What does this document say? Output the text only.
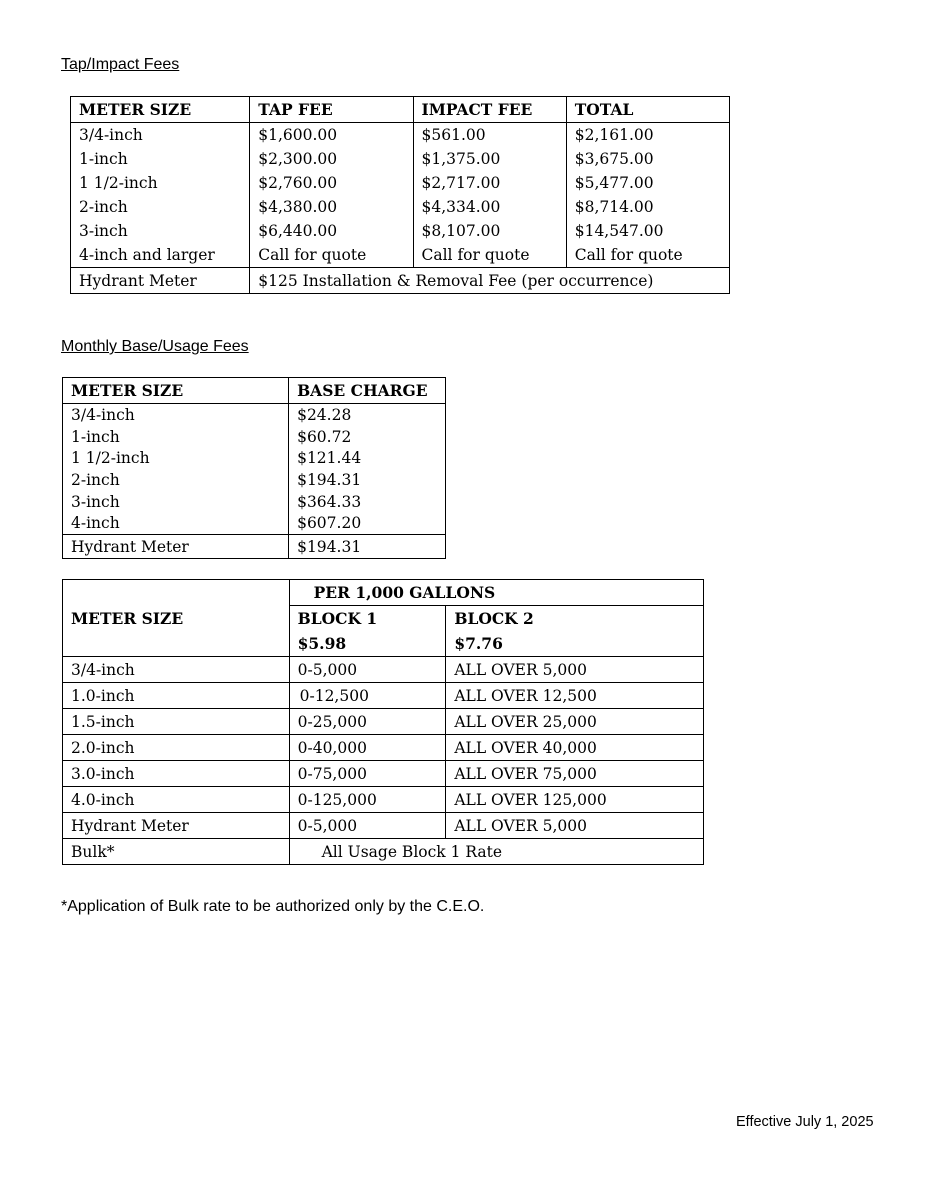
Tap/Impact Fees
METER SIZE	TAP FEE	IMPACT FEE	TOTAL
3/4-inch	$1,600.00	$561.00	$2,161.00
1-inch	$2,300.00	$1,375.00	$3,675.00
1 1/2-inch	$2,760.00	$2,717.00	$5,477.00
2-inch	$4,380.00	$4,334.00	$8,714.00
3-inch	$6,440.00	$8,107.00	$14,547.00
4-inch and larger	Call for quote	Call for quote	Call for quote
Hydrant Meter	$125 Installation & Removal Fee (per occurrence)		
Monthly Base/Usage Fees
METER SIZE	BASE CHARGE
3/4-inch	$24.28
1-inch	$60.72
1 1/2-inch	$121.44
2-inch	$194.31
3-inch	$364.33
4-inch	$607.20
Hydrant Meter	$194.31
METER SIZE	PER 1,000 GALLONS	
	BLOCK 1	BLOCK 2
	$5.98	$7.76
3/4-inch	0-5,000	ALL OVER 5,000
1.0-inch	0-12,500	ALL OVER 12,500
1.5-inch	0-25,000	ALL OVER 25,000
2.0-inch	0-40,000	ALL OVER 40,000
3.0-inch	0-75,000	ALL OVER 75,000
4.0-inch	0-125,000	ALL OVER 125,000
Hydrant Meter	0-5,000	ALL OVER 5,000
Bulk*	All Usage Block 1 Rate	
*Application of Bulk rate to be authorized only by the C.E.O.
Effective July 1, 2025
